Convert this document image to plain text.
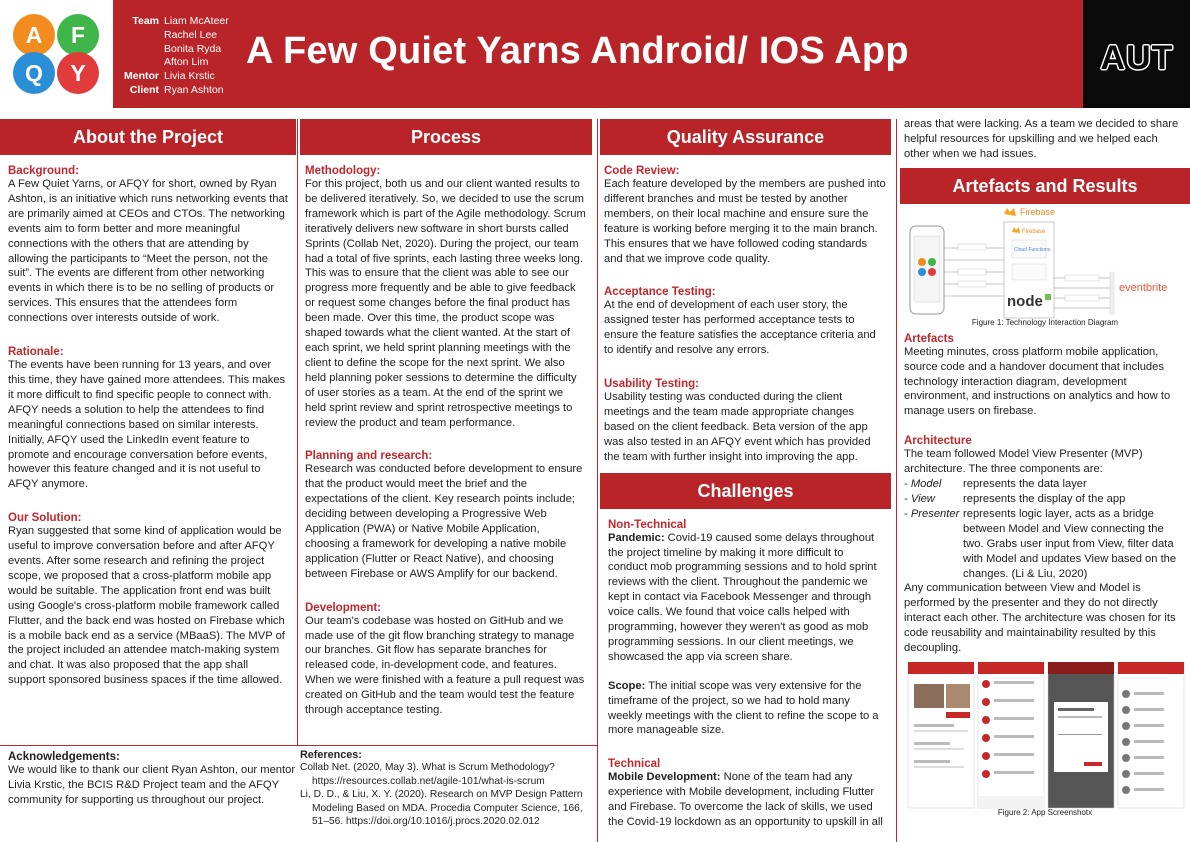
A	F
Q	Y
Team Liam McAteer
Rachel Lee
Bonita Ryda
Afton Lim
Mentor Livia Krstic
Client Ryan Ashton
A Few Quiet Yarns Android/ IOS App	AUT
About the Project
Background:
A Few Quiet Yarns, or AFQY for short, owned by Ryan Ashton, is an initiative which runs networking events that are primarily aimed at CEOs and CTOs. The networking events aim to form better and more meaningful connections with the others that are attending by allowing the participants to “Meet the person, not the suit”. The events are different from other networking events in which there is to be no selling of products or services. This ensures that the attendees form connections over interests outside of work.
Rationale:
The events have been running for 13 years, and over this time, they have gained more attendees. This makes it more difficult to find specific people to connect with. AFQY needs a solution to help the attendees to find meaningful connections based on similar interests. Initially, AFQY used the LinkedIn event feature to promote and encourage conversation before events, however this feature changed and it is not useful to AFQY anymore.
Our Solution:
Ryan suggested that some kind of application would be useful to improve conversation before and after AFQY events. After some research and refining the project scope, we proposed that a cross-platform mobile app would be suitable. The application front end was built using Google's cross-platform mobile framework called Flutter, and the back end was hosted on Firebase which is a mobile back end as a service (MBaaS). The MVP of the project included an attendee match-making system and chat. It was also proposed that the app shall support sponsored business spaces if the time allowed.
Process
Methodology:
For this project, both us and our client wanted results to be delivered iteratively. So, we decided to use the scrum framework which is part of the Agile methodology. Scrum iteratively delivers new software in short bursts called Sprints (Collab Net, 2020). During the project, our team had a total of five sprints, each lasting three weeks long. This was to ensure that the client was able to see our progress more frequently and be able to give feedback or request some changes before the final product has been made. Over this time, the product scope was shaped towards what the client wanted. At the start of each sprint, we held sprint planning meetings with the client to define the scope for the next sprint. We also held planning poker sessions to determine the difficulty of user stories as a team. At the end of the sprint we held sprint review and sprint retrospective meetings to review the product and team performance.
Planning and research:
Research was conducted before development to ensure that the product would meet the brief and the expectations of the client. Key research points include; deciding between developing a Progressive Web Application (PWA) or Native Mobile Application, choosing a framework for developing a native mobile application (Flutter or React Native), and choosing between Firebase or AWS Amplify for our backend.
Development:
Our team's codebase was hosted on GitHub and we made use of the git flow branching strategy to manage our branches. Git flow has separate branches for released code, in-development code, and features. When we were finished with a feature a pull request was created on GitHub and the team would test the feature through acceptance testing.
Acknowledgements:
We would like to thank our client Ryan Ashton, our mentor Livia Krstic, the BCIS R&D Project team and the AFQY community for supporting us throughout our project.
References:
Collab Net. (2020, May 3). What is Scrum Methodology? https://resources.collab.net/agile-101/what-is-scrum
Li, D. D., & Liu, X. Y. (2020). Research on MVP Design Pattern Modeling Based on MDA. Procedia Computer Science, 166, 51–56. https://doi.org/10.1016/j.procs.2020.02.012
Quality Assurance
Code Review:
Each feature developed by the members are pushed into different branches and must be tested by another members, on their local machine and ensure sure the feature is working before merging it to the main branch. This ensures that we have followed coding standards and that we improve code quality.
Acceptance Testing:
At the end of development of each user story, the assigned tester has performed acceptance tests to ensure the feature satisfies the acceptance criteria and to identify and resolve any errors.
Usability Testing:
Usability testing was conducted during the client meetings and the team made appropriate changes based on the client feedback. Beta version of the app was also tested in an AFQY event which has provided the team with further insight into improving the app.
Challenges
Non-Technical
Pandemic: Covid-19 caused some delays throughout the project timeline by making it more difficult to conduct mob programming sessions and to hold sprint reviews with the client. Throughout the pandemic we kept in contact via Facebook Messenger and through voice calls. We found that voice calls helped with programming, however they weren't as good as mob programming sessions. In our client meetings, we showcased the app via screen share.
Scope: The initial scope was very extensive for the timeframe of the project, so we had to hold many weekly meetings with the client to refine the scope to a more manageable size.
Technical
Mobile Development: None of the team had any experience with Mobile development, including Flutter and Firebase. To overcome the lack of skills, we used the Covid-19 lockdown as an opportunity to upskill in all
areas that were lacking. As a team we decided to share helpful resources for upskilling and we helped each other when we had issues.
Artefacts and Results
Firebase
Firebase
Cloud Functions
node
eventbrite
Figure 1: Technology Interaction Diagram
Artefacts
Meeting minutes, cross platform mobile application, source code and a handover document that includes technology interaction diagram, development environment, and instructions on analytics and how to manage users on firebase.
Architecture
The team followed Model View Presenter (MVP) architecture. The three components are:
- Model	represents the data layer
- View	represents the display of the app
- Presenter represents logic layer, acts as a bridge between Model and View connecting the two. Grabs user input from View, filter data with Model and updates View based on the changes. (Li & Liu, 2020)
Any communication between View and Model is performed by the presenter and they do not directly interact each other. The architecture was chosen for its code reusability and maintainability resulted by this decoupling.
Figure 2: App Screenshotx
